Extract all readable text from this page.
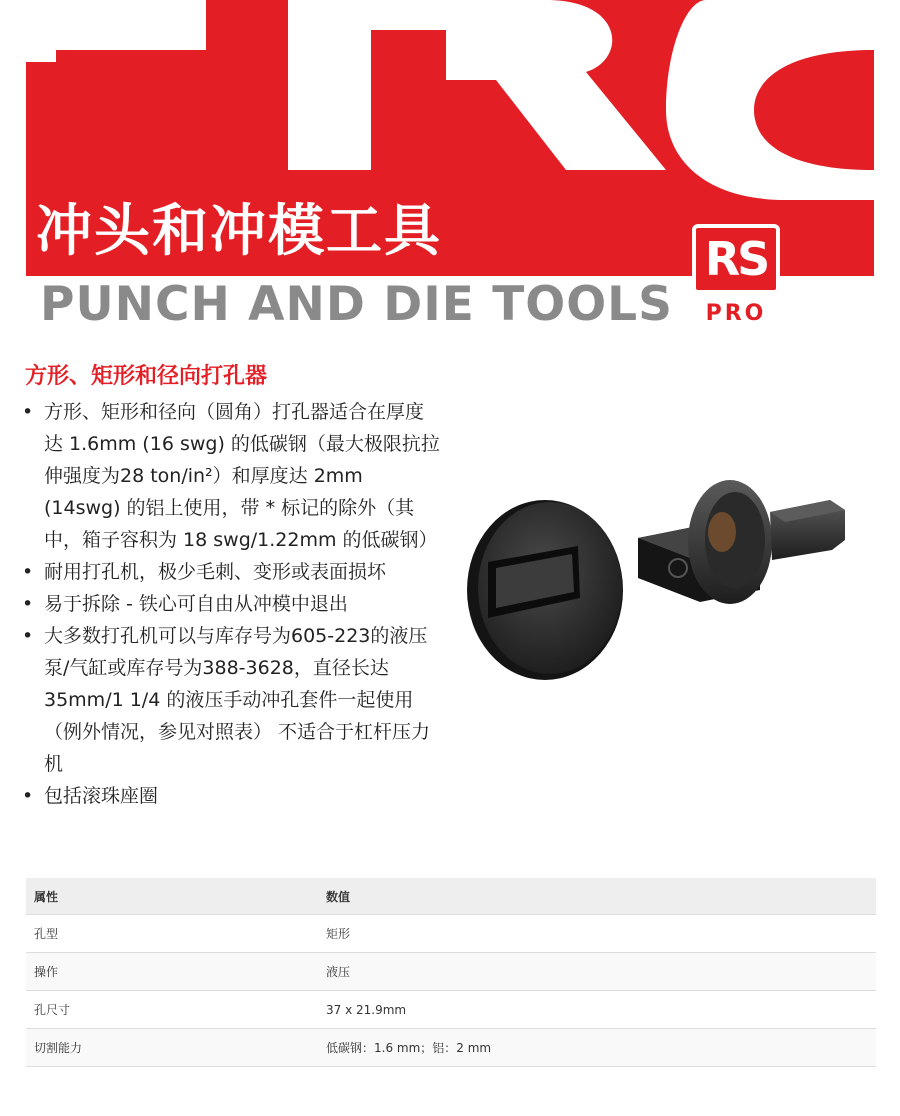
冲头和冲模工具
PUNCH AND DIE TOOLS
RS
PRO
方形、矩形和径向打孔器
• 方形、矩形和径向（圆角）打孔器适合在厚度达 1.6mm (16 swg) 的低碳钢（最大极限抗拉伸强度为28 ton/in²）和厚度达 2mm (14swg) 的铝上使用，带 * 标记的除外（其中，箱子容积为 18 swg/1.22mm 的低碳钢）
• 耐用打孔机，极少毛刺、变形或表面损坏
• 易于拆除 - 铁心可自由从冲模中退出
• 大多数打孔机可以与库存号为605-223的液压泵/气缸或库存号为388-3628，直径长达35mm/1 1/4 的液压手动冲孔套件一起使用（例外情况，参见对照表） 不适合于杠杆压力机
• 包括滚珠座圈
属性	数值
孔型	矩形
操作	液压
孔尺寸	37 x 21.9mm
切割能力	低碳钢：1.6 mm；铝：2 mm
